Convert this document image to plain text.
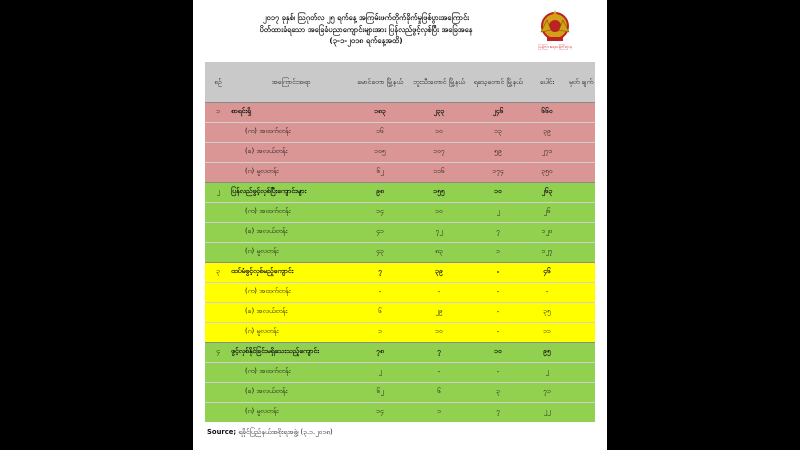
၂၀၁၇ ခုနှစ်၊ သြဂုတ်လ ၂၅ ရက်နေ့ အကြမ်းဖက်တိုက်ခိုက်မှုဖြစ်ပွားအကြောင်း
ပိတ်ထားခံရသော အခြေခံပညာကျောင်းများအား ပြန်လည်ဖွင့်လှစ်ပြီး အခြေအနေ
(၃-၁-၂၀၁၈ ရက်နေ့အထိ)
ပြန်ကြားရေးဝန်ကြီးဌာန
စဉ်	အကြောင်းအရာ	မောင်တော မြို့နယ်	ဘူးသီးတောင် မြို့နယ်	ရသေ့တောင် မြို့နယ်	ပေါင်း	မှတ် ချက်
၁	စာရင်းရှိ	၁၈၃	၂၃၃	၂၄၆	၆၆၀	
	(က) အထက်တန်း	၁၆	၁၀	၁၃	၃၉	
	(ခ) အလယ်တန်း	၁၀၅	၁၀၇	၅၉	၂၇၁	
	(ဂ) မူလတန်း	၆၂	၁၁၆	၁၇၄	၃၅၀	
၂	ပြန်လည်ဖွင့်လှစ်ပြီးကျောင်းများ	၉၈	၁၅၅	၁၀	၂၆၃	
	(က) အထက်တန်း	၁၄	၁၀	၂	၂၆	
	(ခ) အလယ်တန်း	၄၁	၇၂	၇	၁၂၀	
	(ဂ) မူလတန်း	၄၃	၈၃	၁	၁၂၇	
၃	ထပ်မံဖွင့်လှစ်မည့်ကျောင်း	၇	၃၉	-	၄၆	
	(က) အထက်တန်း	-	-	-	-	
	(ခ) အလယ်တန်း	၆	၂၉	-	၃၅	
	(ဂ) မူလတန်း	၁	၁၀	-	၁၁	
၄	ဖွင့်လှစ်နိုင်ခြင်းမရှိသေးသည့်ကျောင်း	၇၈	၇	၁၀	၉၅	
	(က) အထက်တန်း	၂	-	-	၂	
	(ခ) အလယ်တန်း	၆၂	၆	၃	၇၁	
	(ဂ) မူလတန်း	၁၄	၁	၇	၂၂	
Source; ရခိုင်ပြည်နယ်အစိုးရအဖွဲ့၊ (၃.၁.၂၀၁၈)
